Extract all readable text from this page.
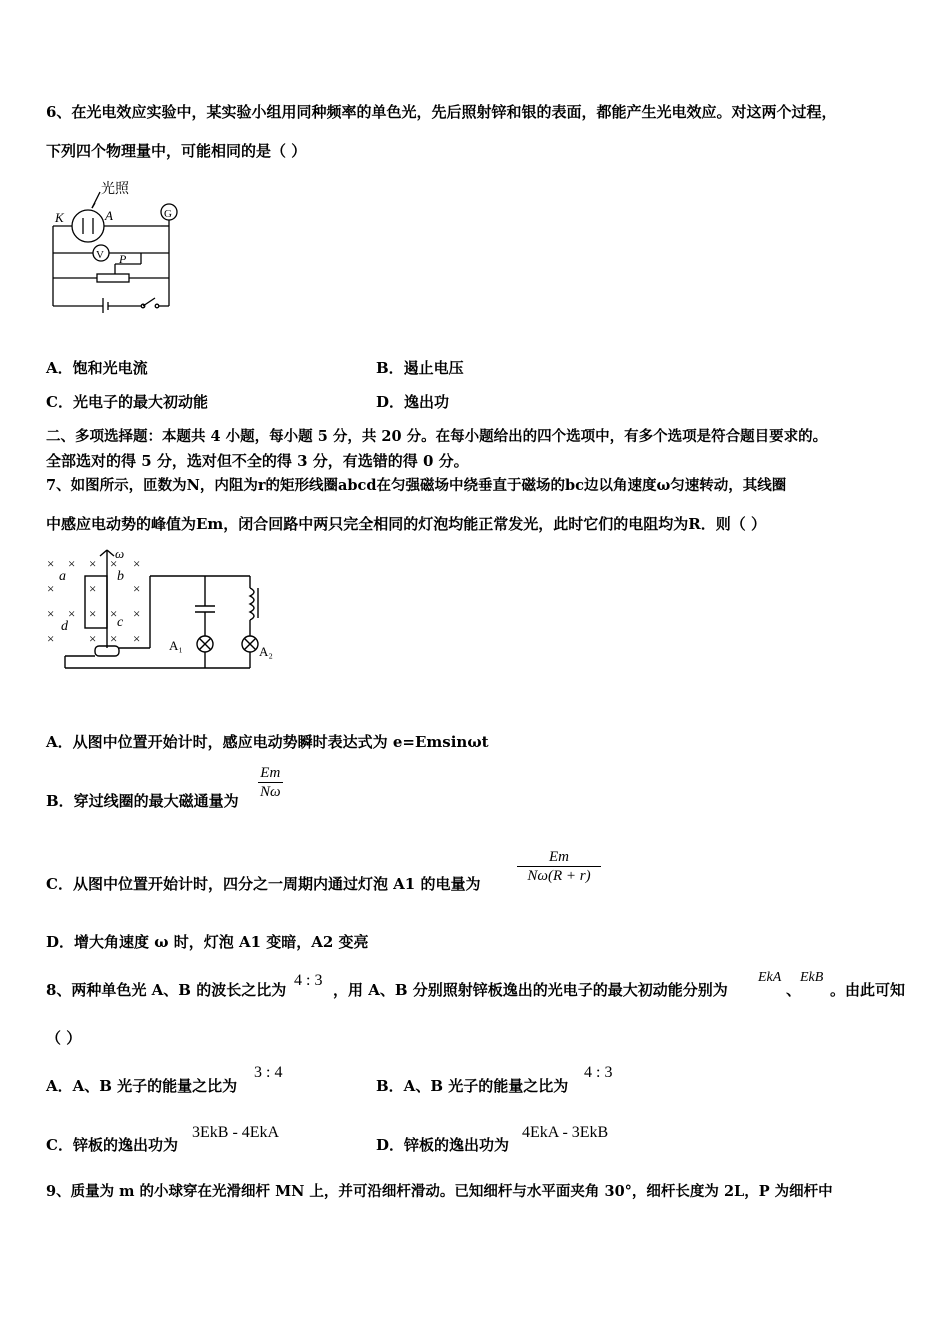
6、在光电效应实验中，某实验小组用同种频率的单色光，先后照射锌和银的表面，都能产生光电效应。对这两个过程，
下列四个物理量中，可能相同的是（ ）
光照
K	A	G
V P
A．饱和光电流	B．遏止电压
C．光电子的最大初动能	D．逸出功
二、多项选择题：本题共 4 小题，每小题 5 分，共 20 分。在每小题给出的四个选项中，有多个选项是符合题目要求的。
全部选对的得 5 分，选对但不全的得 3 分，有选错的得 0 分。
7、如图所示，匝数为N，内阻为r的矩形线圈abcd在匀强磁场中绕垂直于磁场的bc边以角速度ω匀速转动，其线圈
中感应电动势的峰值为Em，闭合回路中两只完全相同的灯泡均能正常发光，此时它们的电阻均为R．则（ ）
× × × × ×
×	×	×
× × × × ×
×	× × ×
ω
a	b
d	c
A₁	A₂
A．从图中位置开始计时，感应电动势瞬时表达式为 e=Emsinωt
B．穿过线圈的最大磁通量为 $\frac{Em}{N\omega}$
C．从图中位置开始计时，四分之一周期内通过灯泡 A1 的电量为 $\frac{Em}{N\omega(R + r)}$
D．增大角速度 ω 时，灯泡 A1 变暗，A2 变亮
8、两种单色光 A、B 的波长之比为
4 : 3
，用 A、B 分别照射锌板逸出的光电子的最大初动能分别为
EkA
、
EkB
。由此可知
（ ）
A．A、B 光子的能量之比为
3 : 4
B．A、B 光子的能量之比为
4 : 3
C．锌板的逸出功为
3EkB - 4EkA
D．锌板的逸出功为
4EkA - 3EkB
9、质量为 m 的小球穿在光滑细杆 MN 上，并可沿细杆滑动。已知细杆与水平面夹角 30°，细杆长度为 2L，P 为细杆中
